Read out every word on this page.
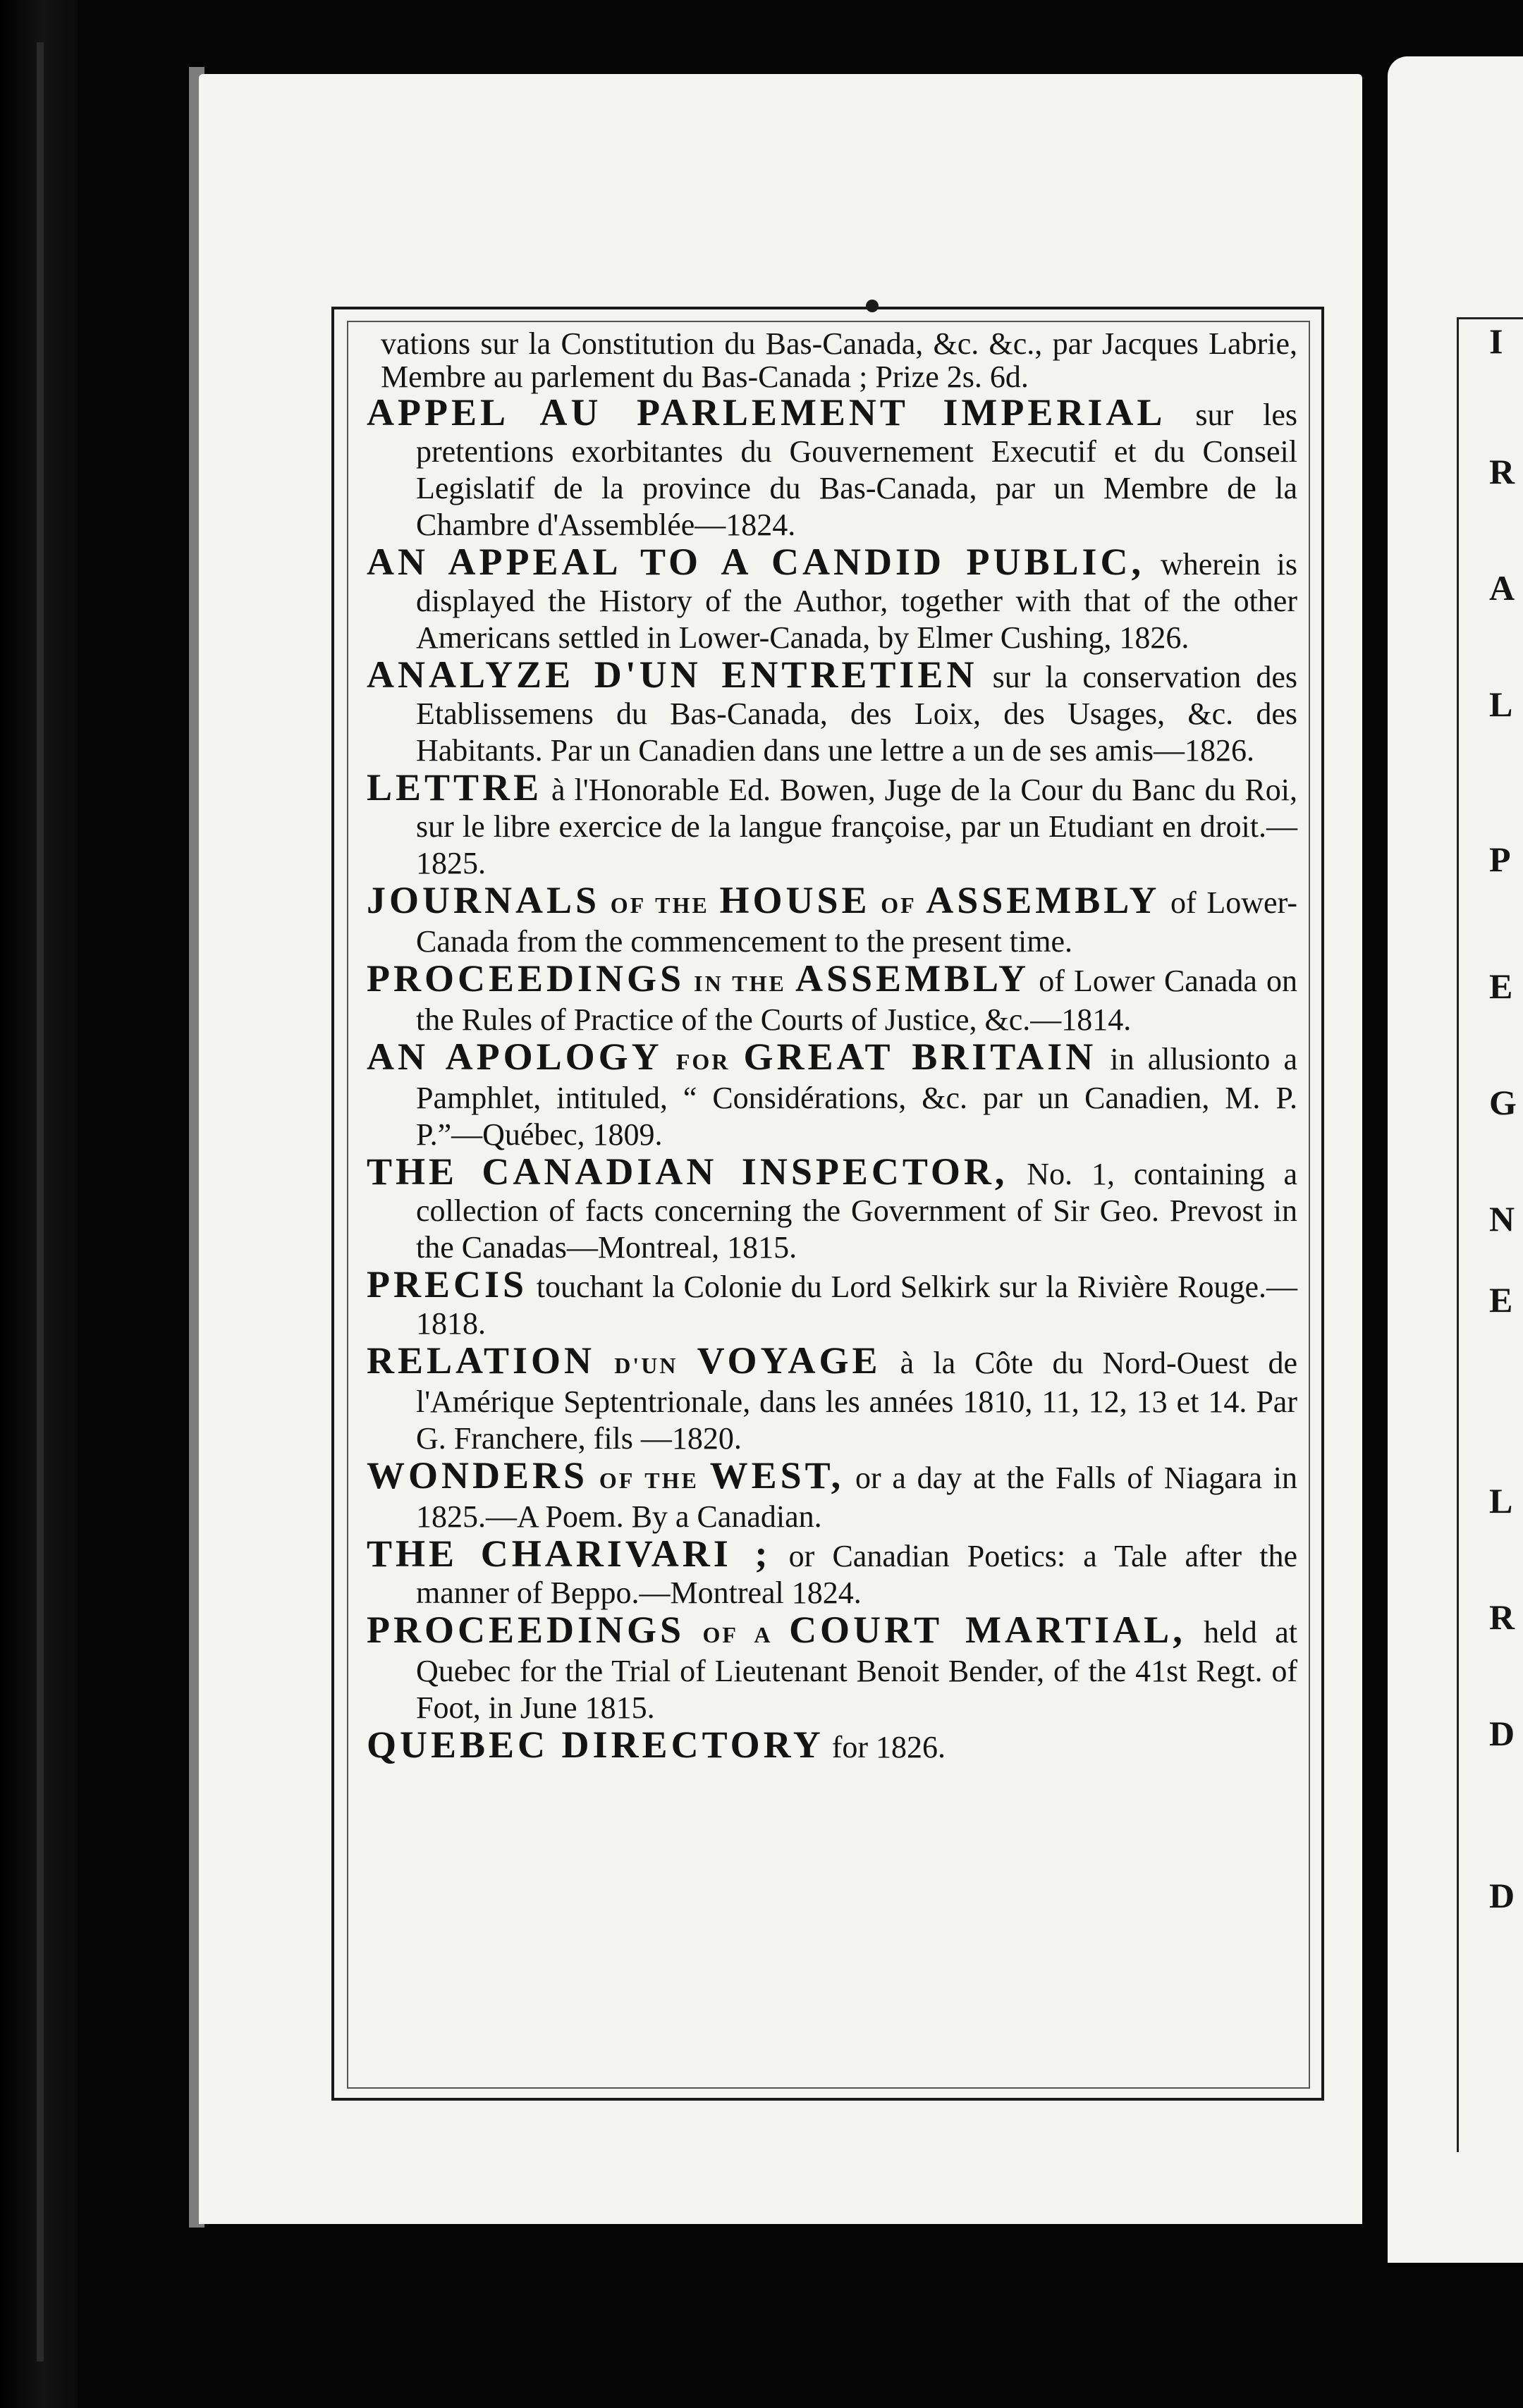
I
R
A
L
P
E
G
N
E
L
R
D
D

vations sur la Constitution du Bas-Canada, &c. &c., par Jacques Labrie, Membre au parlement du Bas-Canada ; Prize 2s. 6d.

APPEL AU PARLEMENT IMPERIAL sur les pretentions exorbitantes du Gouvernement Executif et du Conseil Legislatif de la province du Bas-Canada, par un Membre de la Chambre d'Assemblée—1824.

AN APPEAL TO A CANDID PUBLIC, wherein is displayed the History of the Author, together with that of the other Americans settled in Lower-Canada, by Elmer Cushing, 1826.

ANALYZE D'UN ENTRETIEN sur la conservation des Etablissemens du Bas-Canada, des Loix, des Usages, &c. des Habitants. Par un Canadien dans une lettre a un de ses amis—1826.

LETTRE à l'Honorable Ed. Bowen, Juge de la Cour du Banc du Roi, sur le libre exercice de la langue françoise, par un Etudiant en droit.—1825.

JOURNALS OF THE HOUSE OF ASSEMBLY of Lower-Canada from the commencement to the present time.

PROCEEDINGS IN THE ASSEMBLY of Lower Canada on the Rules of Practice of the Courts of Justice, &c.—1814.

AN APOLOGY FOR GREAT BRITAIN in allusionto a Pamphlet, intituled, “ Considérations, &c. par un Canadien, M. P. P.”—Québec, 1809.

THE CANADIAN INSPECTOR, No. 1, containing a collection of facts concerning the Government of Sir Geo. Prevost in the Canadas—Montreal, 1815.

PRECIS touchant la Colonie du Lord Selkirk sur la Rivière Rouge.—1818.

RELATION D'UN VOYAGE à la Côte du Nord-Ouest de l'Amérique Septentrionale, dans les années 1810, 11, 12, 13 et 14. Par G. Franchere, fils —1820.

WONDERS OF THE WEST, or a day at the Falls of Niagara in 1825.—A Poem. By a Canadian.

THE CHARIVARI ; or Canadian Poetics: a Tale after the manner of Beppo.—Montreal 1824.

PROCEEDINGS OF A COURT MARTIAL, held at Quebec for the Trial of Lieutenant Benoit Bender, of the 41st Regt. of Foot, in June 1815.

QUEBEC DIRECTORY for 1826.
